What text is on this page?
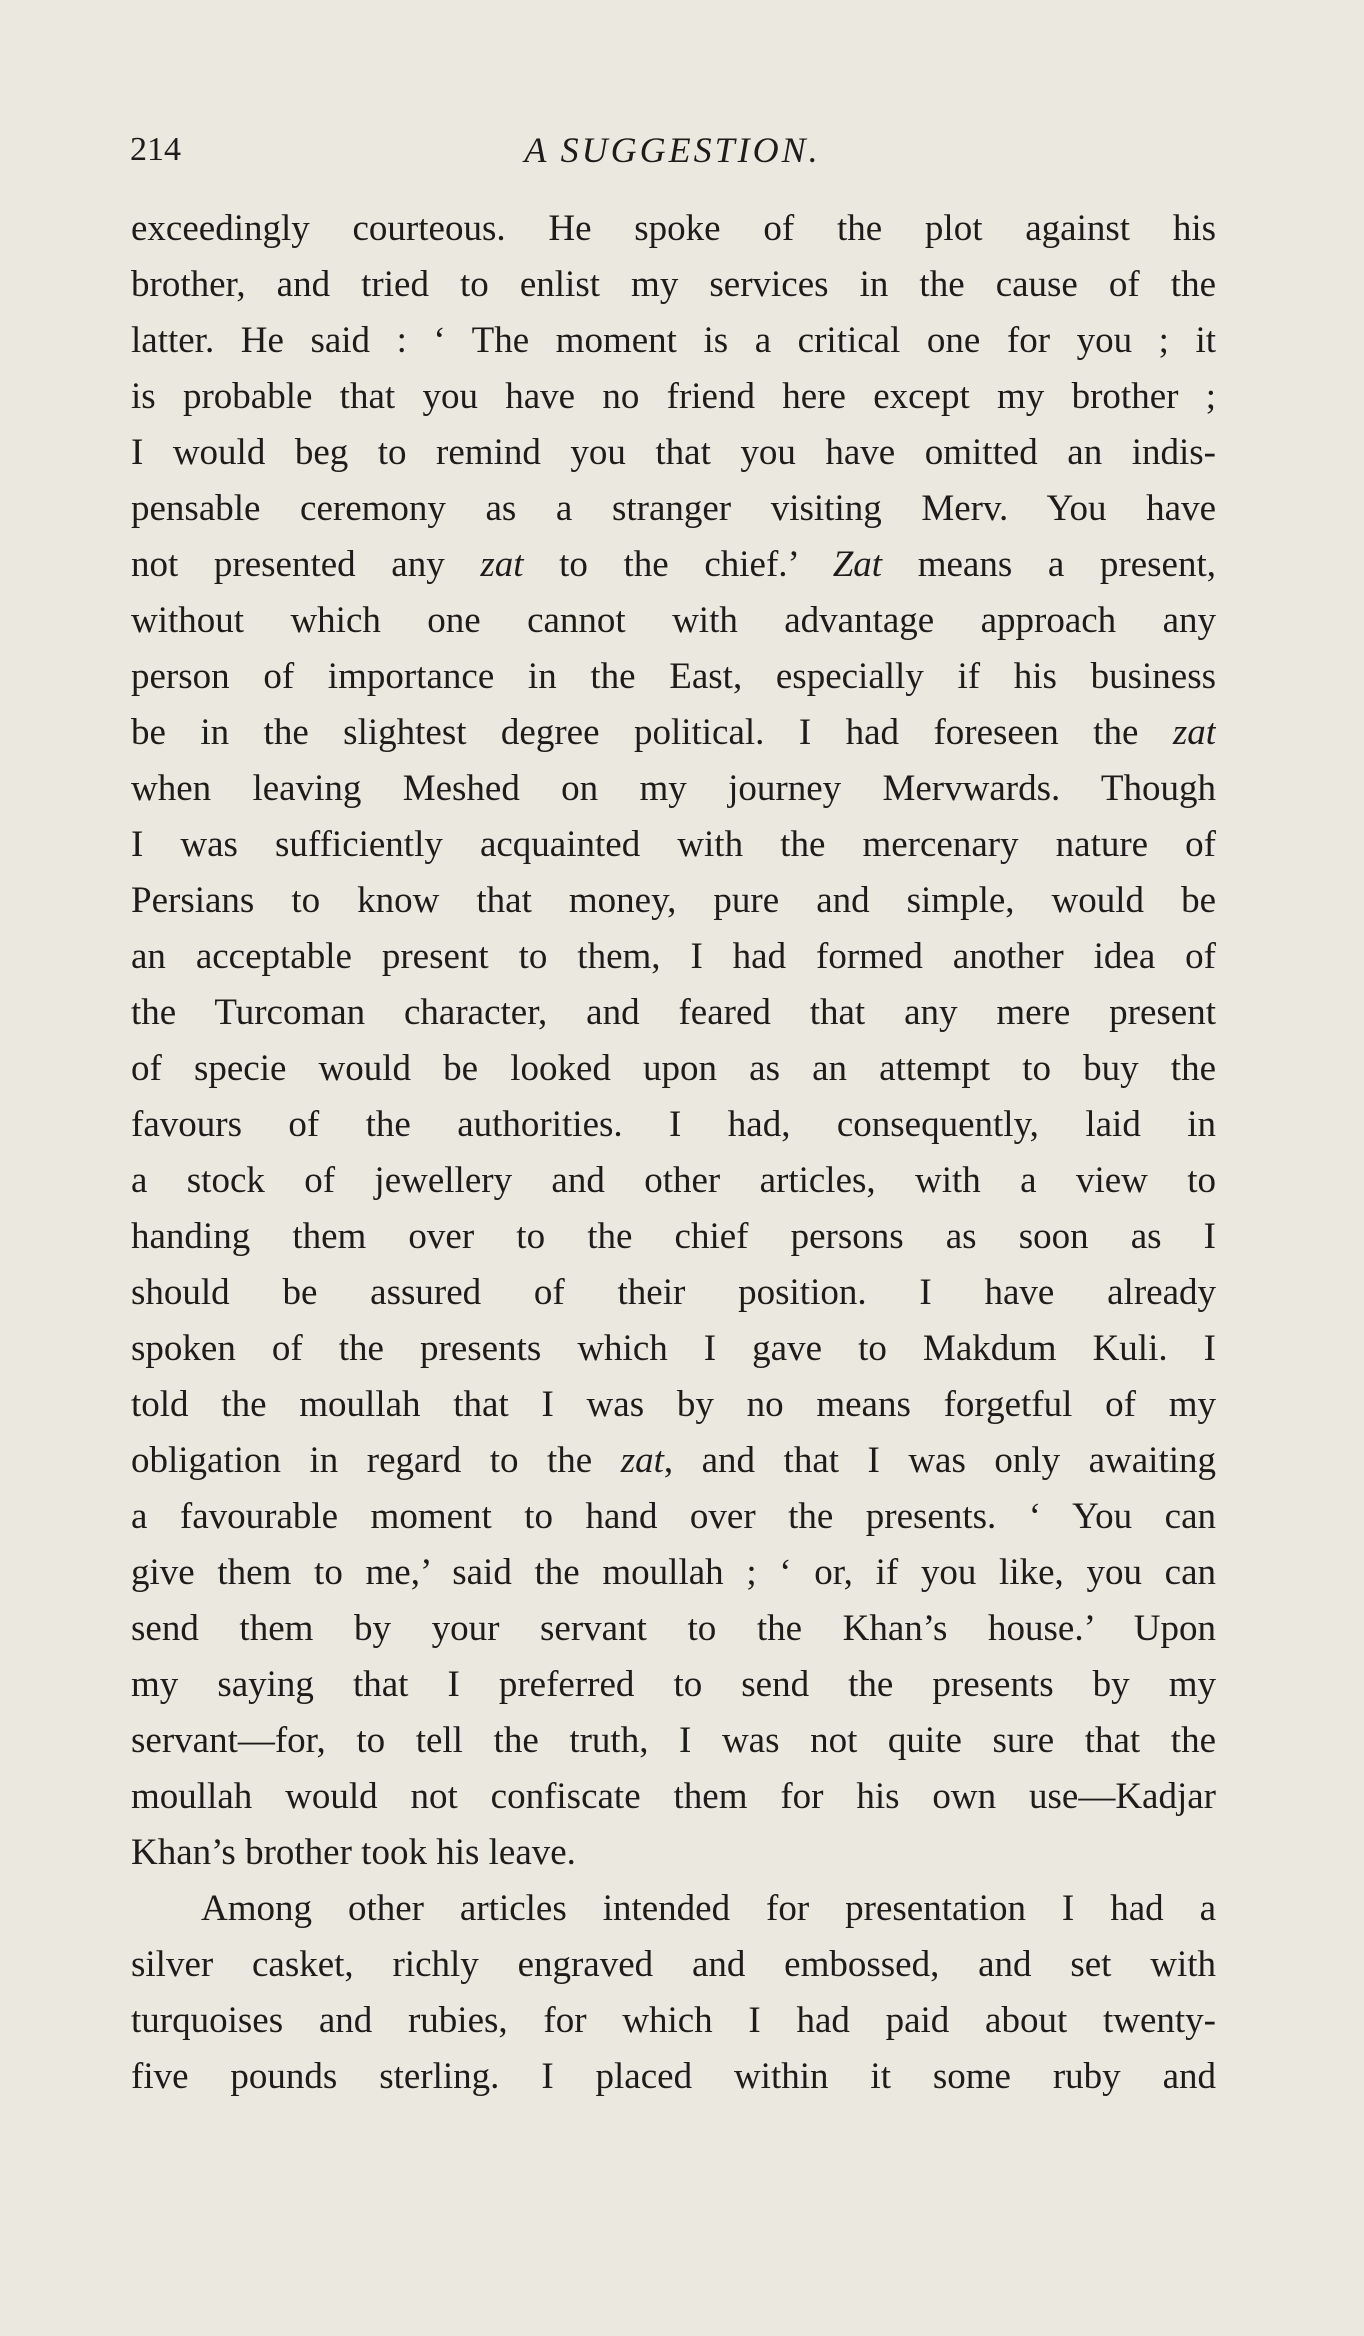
214	A SUGGESTION.
exceedingly courteous. He spoke of the plot against his
brother, and tried to enlist my services in the cause of the
latter. He said : ‘ The moment is a critical one for you ; it
is probable that you have no friend here except my brother ;
I would beg to remind you that you have omitted an indis-
pensable ceremony as a stranger visiting Merv. You have
not presented any zat to the chief.’ Zat means a present,
without which one cannot with advantage approach any
person of importance in the East, especially if his business
be in the slightest degree political. I had foreseen the zat
when leaving Meshed on my journey Mervwards. Though
I was sufficiently acquainted with the mercenary nature of
Persians to know that money, pure and simple, would be
an acceptable present to them, I had formed another idea of
the Turcoman character, and feared that any mere present
of specie would be looked upon as an attempt to buy the
favours of the authorities. I had, consequently, laid in
a stock of jewellery and other articles, with a view to
handing them over to the chief persons as soon as I
should be assured of their position. I have already
spoken of the presents which I gave to Makdum Kuli. I
told the moullah that I was by no means forgetful of my
obligation in regard to the zat, and that I was only awaiting
a favourable moment to hand over the presents. ‘ You can
give them to me,’ said the moullah ; ‘ or, if you like, you can
send them by your servant to the Khan’s house.’ Upon
my saying that I preferred to send the presents by my
servant—for, to tell the truth, I was not quite sure that the
moullah would not confiscate them for his own use—Kadjar
Khan’s brother took his leave.
Among other articles intended for presentation I had a
silver casket, richly engraved and embossed, and set with
turquoises and rubies, for which I had paid about twenty-
five pounds sterling. I placed within it some ruby and
